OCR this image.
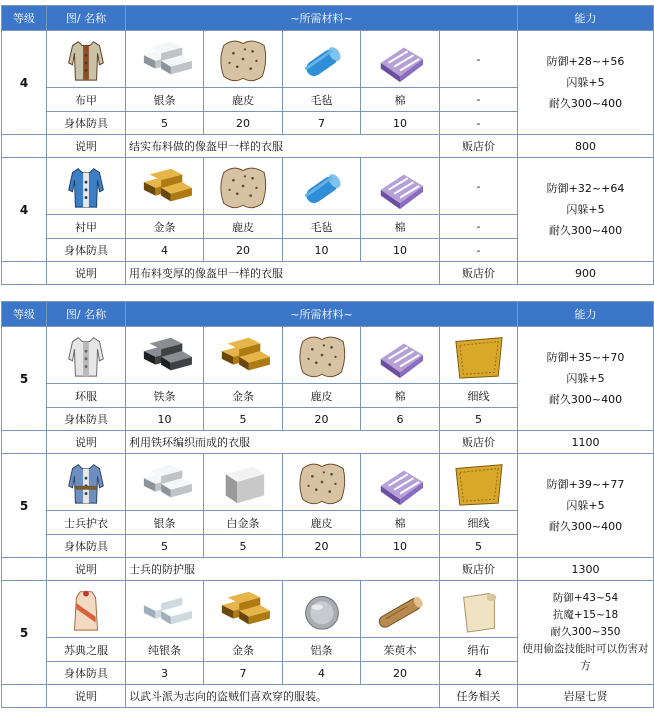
等级	图/ 名称	~所需材料~					能力
4						-	防御+28~+56
闪躲+5
耐久300~400

	布甲	银条	鹿皮	毛毡	棉	-	
	身体防具	5	20	7	10	-	
	说明	结实布料做的像盔甲一样的衣服				贩店价	800
4						-	防御+32~+64
闪躲+5
耐久300~400

	衬甲	金条	鹿皮	毛毡	棉	-	
	身体防具	4	20	10	10	-	
	说明	用布料变厚的像盔甲一样的衣服				贩店价	900
等级	图/ 名称	~所需材料~					能力
5							防御+35~+70
闪躲+5
耐久300~400

	环服	铁条	金条	鹿皮	棉	细线	
	身体防具	10	5	20	6	5	
	说明	利用铁环编织而成的衣服				贩店价	1100
5							防御+39~+77
闪躲+5
耐久300~400

	士兵护衣	银条	白金条	鹿皮	棉	细线	
	身体防具	5	5	20	10	5	
	说明	士兵的防护服				贩店价	1300
5							防御+43~54
抗魔+15~18
耐久300~350
使用偷盗技能时可以伤害对方

	苏典之服	纯银条	金条	铝条	茱萸木	绢布	
	身体防具	3	7	4	20	4	
	说明	以武斗派为志向的盗贼们喜欢穿的服装。				任务相关	岩屋七贤
